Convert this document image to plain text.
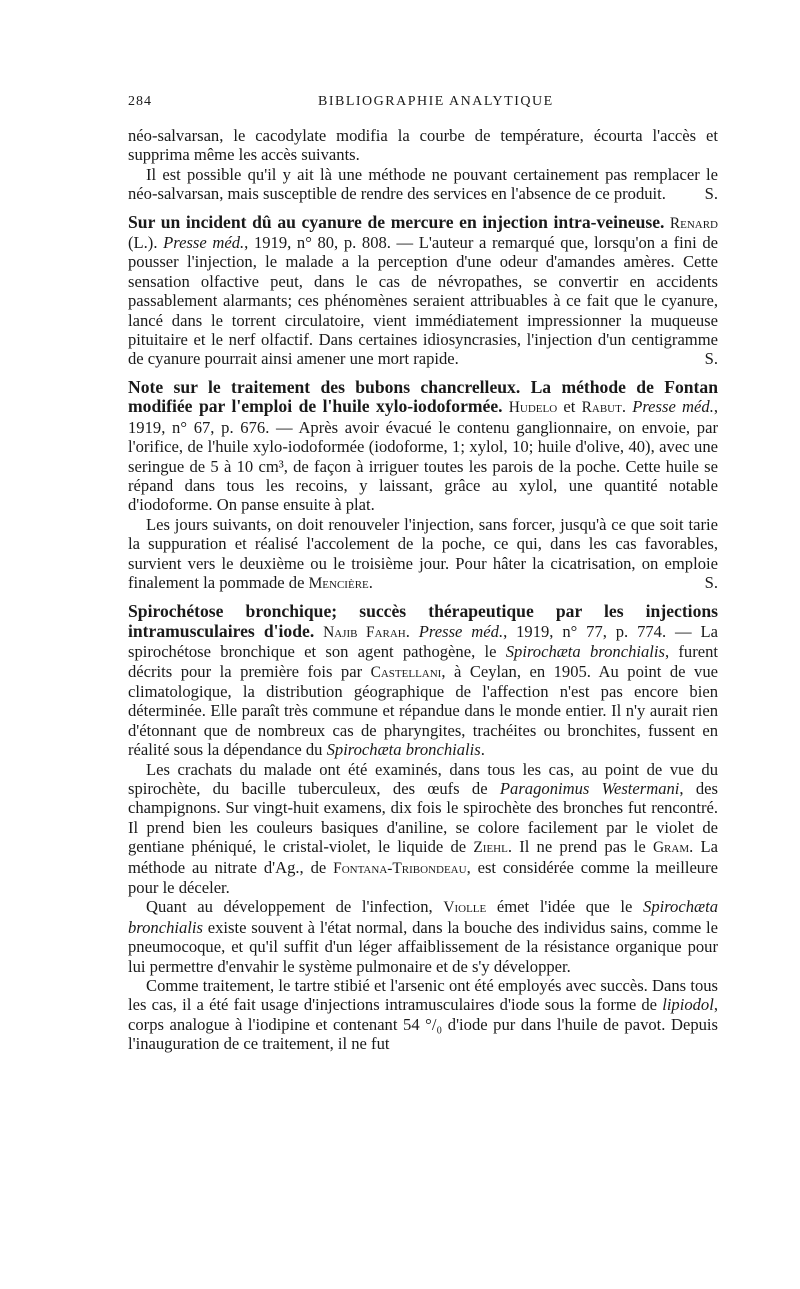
284	BIBLIOGRAPHIE ANALYTIQUE

néo-salvarsan, le cacodylate modifia la courbe de température, écourta l'accès et supprima même les accès suivants.

Il est possible qu'il y ait là une méthode ne pouvant certainement pas remplacer le néo-salvarsan, mais susceptible de rendre des services en l'absence de ce produit.	S.

Sur un incident dû au cyanure de mercure en injection intra-veineuse. Renard (L.). Presse méd., 1919, n° 80, p. 808. — L'auteur a remarqué que, lorsqu'on a fini de pousser l'injection, le malade a la perception d'une odeur d'amandes amères. Cette sensation olfactive peut, dans le cas de névropathes, se convertir en accidents passablement alarmants; ces phénomènes seraient attribuables à ce fait que le cyanure, lancé dans le torrent circulatoire, vient immédiatement impressionner la muqueuse pituitaire et le nerf olfactif. Dans certaines idiosyncrasies, l'injection d'un centigramme de cyanure pourrait ainsi amener une mort rapide.	S.

Note sur le traitement des bubons chancrelleux. La méthode de Fontan modifiée par l'emploi de l'huile xylo-iodoformée. Hudelo et Rabut. Presse méd., 1919, n° 67, p. 676. — Après avoir évacué le contenu ganglionnaire, on envoie, par l'orifice, de l'huile xylo-iodoformée (iodoforme, 1; xylol, 10; huile d'olive, 40), avec une seringue de 5 à 10 cm³, de façon à irriguer toutes les parois de la poche. Cette huile se répand dans tous les recoins, y laissant, grâce au xylol, une quantité notable d'iodoforme. On panse ensuite à plat.

Les jours suivants, on doit renouveler l'injection, sans forcer, jusqu'à ce que soit tarie la suppuration et réalisé l'accolement de la poche, ce qui, dans les cas favorables, survient vers le deuxième ou le troisième jour. Pour hâter la cicatrisation, on emploie finalement la pommade de Mencière.	S.

Spirochétose bronchique; succès thérapeutique par les injections intramusculaires d'iode. Najib Farah. Presse méd., 1919, n° 77, p. 774. — La spirochétose bronchique et son agent pathogène, le Spirochæta bronchialis, furent décrits pour la première fois par Castellani, à Ceylan, en 1905. Au point de vue climatologique, la distribution géographique de l'affection n'est pas encore bien déterminée. Elle paraît très commune et répandue dans le monde entier. Il n'y aurait rien d'étonnant que de nombreux cas de pharyngites, trachéites ou bronchites, fussent en réalité sous la dépendance du Spirochæta bronchialis.

Les crachats du malade ont été examinés, dans tous les cas, au point de vue du spirochète, du bacille tuberculeux, des œufs de Paragonimus Westermani, des champignons. Sur vingt-huit examens, dix fois le spirochète des bronches fut rencontré. Il prend bien les couleurs basiques d'aniline, se colore facilement par le violet de gentiane phéniqué, le cristal-violet, le liquide de Ziehl. Il ne prend pas le Gram. La méthode au nitrate d'Ag., de Fontana-Tribondeau, est considérée comme la meilleure pour le déceler.

Quant au développement de l'infection, Violle émet l'idée que le Spirochæta bronchialis existe souvent à l'état normal, dans la bouche des individus sains, comme le pneumocoque, et qu'il suffit d'un léger affaiblissement de la résistance organique pour lui permettre d'envahir le système pulmonaire et de s'y développer.

Comme traitement, le tartre stibié et l'arsenic ont été employés avec succès. Dans tous les cas, il a été fait usage d'injections intramusculaires d'iode sous la forme de lipiodol, corps analogue à l'iodipine et contenant 54 °/₀ d'iode pur dans l'huile de pavot. Depuis l'inauguration de ce traitement, il ne fut
